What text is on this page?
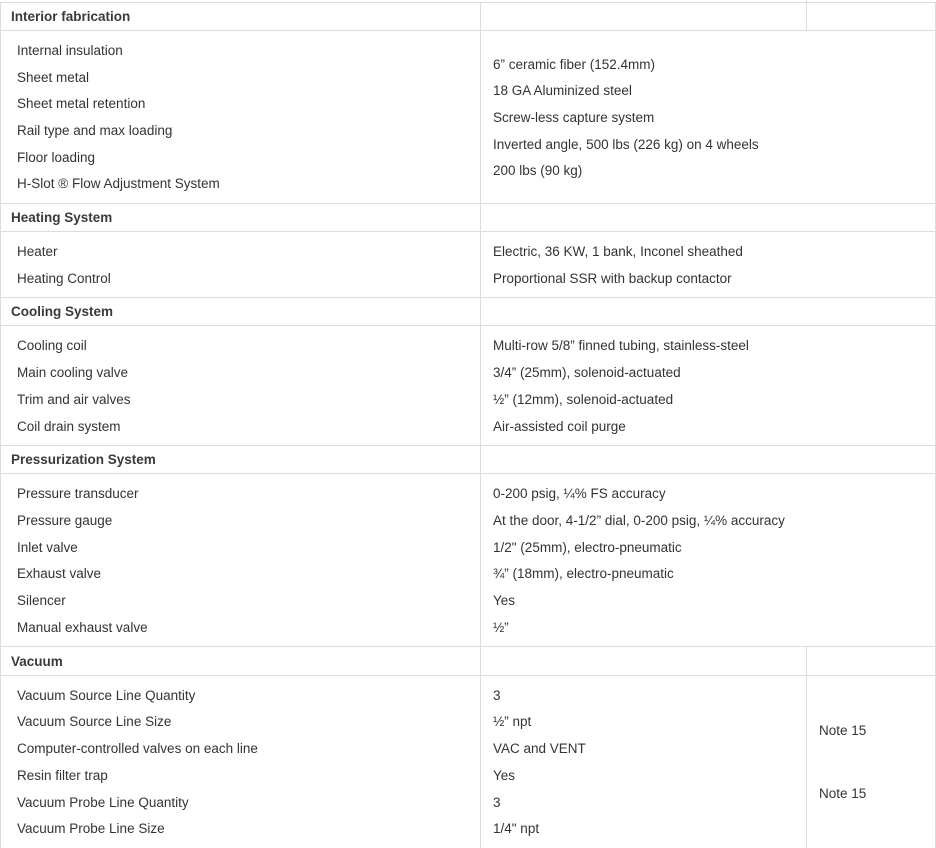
Interior fabrication
Internal insulation
Sheet metal
Sheet metal retention
Rail type and max loading
Floor loading
H-Slot ® Flow Adjustment System
6” ceramic fiber (152.4mm)
18 GA Aluminized steel
Screw-less capture system
Inverted angle, 500 lbs (226 kg) on 4 wheels
200 lbs (90 kg)
Heating System
Heater
Heating Control
Electric, 36 KW, 1 bank, Inconel sheathed
Proportional SSR with backup contactor
Cooling System
Cooling coil
Main cooling valve
Trim and air valves
Coil drain system
Multi-row 5/8” finned tubing, stainless-steel
3/4” (25mm), solenoid-actuated
½” (12mm), solenoid-actuated
Air-assisted coil purge
Pressurization System
Pressure transducer
Pressure gauge
Inlet valve
Exhaust valve
Silencer
Manual exhaust valve
0-200 psig, ¼% FS accuracy
At the door, 4-1/2” dial, 0-200 psig, ¼% accuracy
1/2" (25mm), electro-pneumatic
¾” (18mm), electro-pneumatic
Yes
½”
Vacuum
Vacuum Source Line Quantity
Vacuum Source Line Size
Computer-controlled valves on each line
Resin filter trap
Vacuum Probe Line Quantity
Vacuum Probe Line Size
3
½” npt
VAC and VENT
Yes
3
1/4" npt
Note 15
Note 15
